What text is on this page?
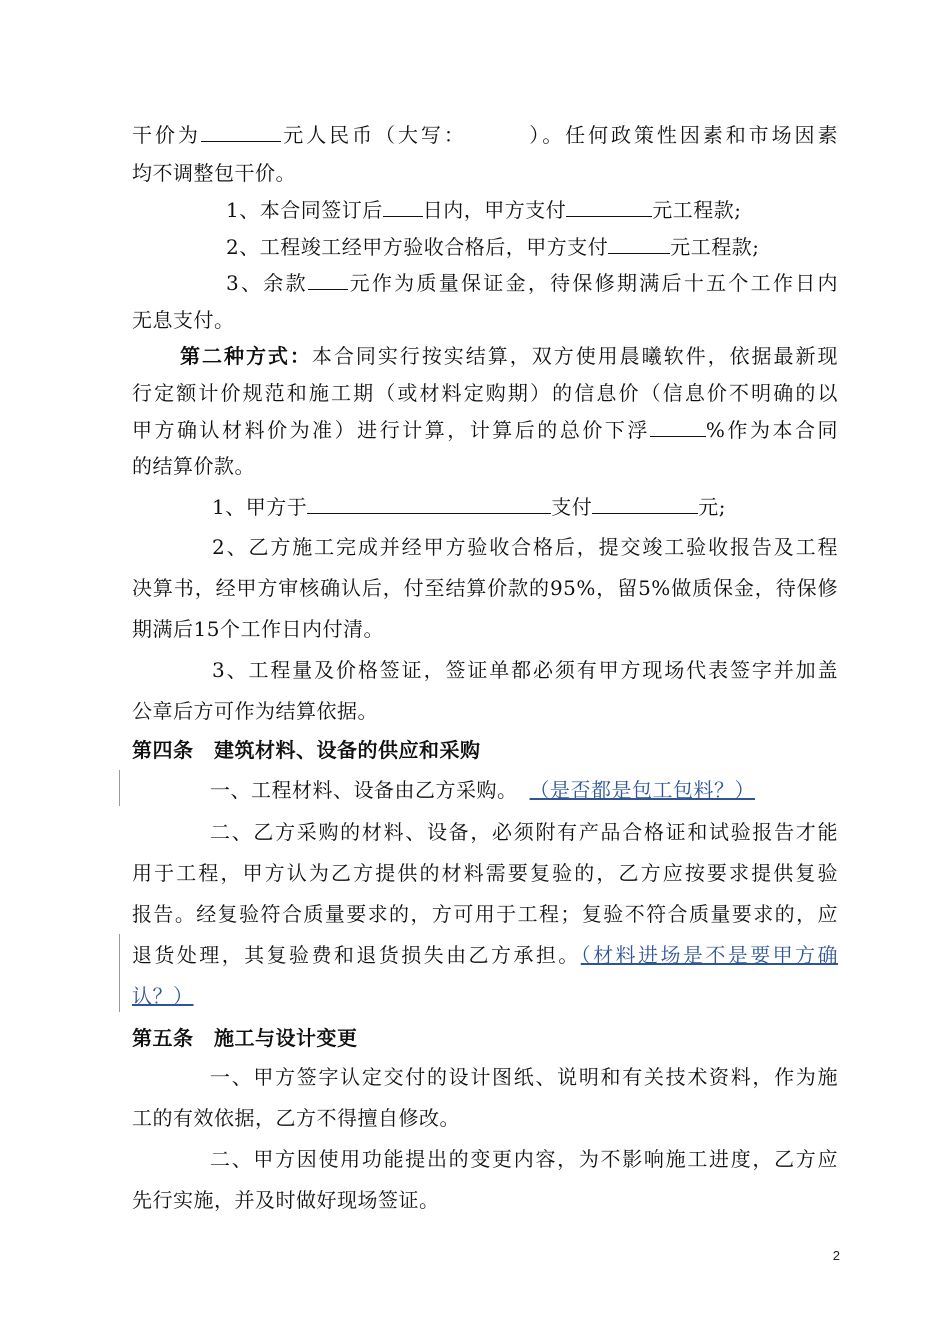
干价为	元人民币（大写：	）。任何政策性因素和市场因素
均不调整包干价。
1、本合同签订后 日内，甲方支付	元工程款;
2、工程竣工经甲方验收合格后，甲方支付	元工程款;
3、余款 元作为质量保证金，待保修期满后十五个工作日内
无息支付。
第二种方式：本合同实行按实结算，双方使用晨曦软件，依据最新现
行定额计价规范和施工期（或材料定购期）的信息价（信息价不明确的以
甲方确认材料价为准）进行计算，计算后的总价下浮	%作为本合同
的结算价款。
1、甲方于	支付	元;
2、乙方施工完成并经甲方验收合格后，提交竣工验收报告及工程
决算书，经甲方审核确认后，付至结算价款的95%，留5%做质保金，待保修
期满后15个工作日内付清。
3、工程量及价格签证，签证单都必须有甲方现场代表签字并加盖
公章后方可作为结算依据。
第四条　建筑材料、设备的供应和采购
一、工程材料、设备由乙方采购。 （是否都是包工包料？）
二、乙方采购的材料、设备，必须附有产品合格证和试验报告才能
用于工程，甲方认为乙方提供的材料需要复验的，乙方应按要求提供复验
报告。经复验符合质量要求的，方可用于工程；复验不符合质量要求的，应
退货处理，其复验费和退货损失由乙方承担。（材料进场是不是要甲方确
认？）
第五条　施工与设计变更
一、甲方签字认定交付的设计图纸、说明和有关技术资料，作为施
工的有效依据，乙方不得擅自修改。
二、甲方因使用功能提出的变更内容，为不影响施工进度，乙方应
先行实施，并及时做好现场签证。
2
